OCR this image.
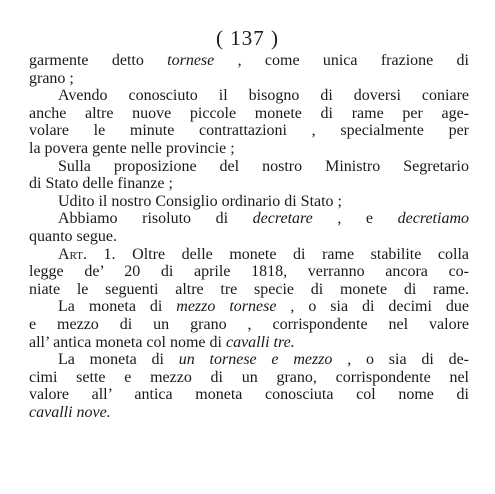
( 137 )
garmente detto tornese , come unica frazione di
grano ;
Avendo conosciuto il bisogno di doversi coniare
anche altre nuove piccole monete di rame per age-
volare le minute contrattazioni , specialmente per
la povera gente nelle provincie ;
Sulla proposizione del nostro Ministro Segretario
di Stato delle finanze ;
Udito il nostro Consiglio ordinario di Stato ;
Abbiamo risoluto di decretare , e decretiamo
quanto segue.
Art. 1. Oltre delle monete di rame stabilite colla
legge de’ 20 di aprile 1818, verranno ancora co-
niate le seguenti altre tre specie di monete di rame.
La moneta di mezzo tornese , o sia di decimi due
e mezzo di un grano , corrispondente nel valore
all’ antica moneta col nome di cavalli tre.
La moneta di un tornese e mezzo , o sia di de-
cimi sette e mezzo di un grano, corrispondente nel
valore all’ antica moneta conosciuta col nome di
cavalli nove.
